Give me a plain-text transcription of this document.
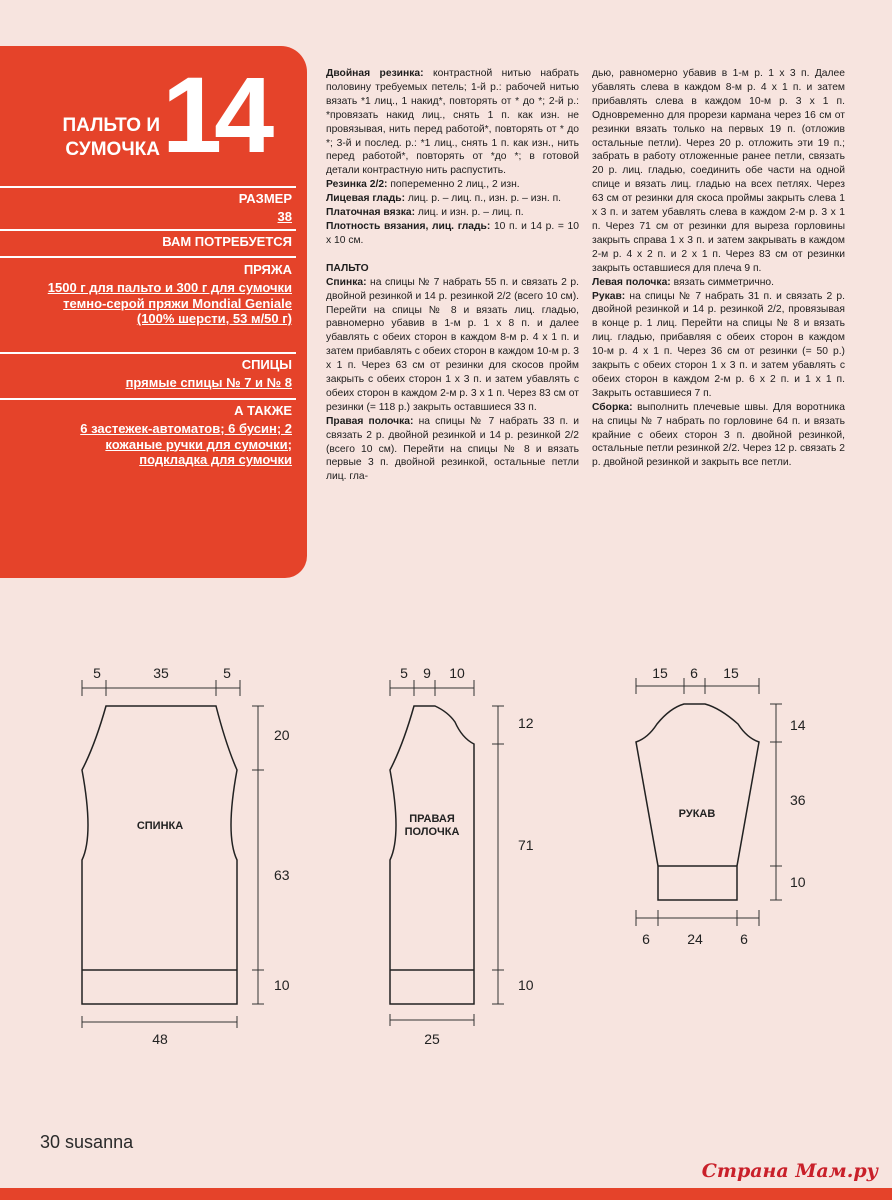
ПАЛЬТО И
СУМОЧКА 14
РАЗМЕР
38
ВАМ ПОТРЕБУЕТСЯ
ПРЯЖА
1500 г для пальто и 300 г для сумочки темно-серой пряжи Mondial Geniale (100% шерсти, 53 м/50 г)
СПИЦЫ
прямые спицы № 7 и № 8
А ТАКЖЕ
6 застежек-автоматов; 6 бусин; 2 кожаные ручки для сумочки; подкладка для сумочки

Двойная резинка: контрастной нитью набрать половину требуемых петель; 1-й р.: рабочей нитью вязать *1 лиц., 1 накид*, повторять от * до *; 2-й р.: *провязать накид лиц., снять 1 п. как изн. не провязывая, нить перед работой*, повторять от * до *; 3-й и послед. р.: *1 лиц., снять 1 п. как изн., нить перед работой*, повторять от *до *; в готовой детали контрастную нить распустить.

Резинка 2/2: попеременно 2 лиц., 2 изн.

Лицевая гладь: лиц. р. – лиц. п., изн. р. – изн. п.

Платочная вязка: лиц. и изн. р. – лиц. п.

Плотность вязания, лиц. гладь: 10 п. и 14 р. = 10 х 10 см.

ПАЛЬТО

Спинка: на спицы № 7 набрать 55 п. и связать 2 р. двойной резинкой и 14 р. резинкой 2/2 (всего 10 см). Перейти на спицы № 8 и вязать лиц. гладью, равномерно убавив в 1-м р. 1 х 8 п. и далее убавлять с обеих сторон в каждом 8-м р. 4 х 1 п. и затем прибавлять с обеих сторон в каждом 10-м р. 3 х 1 п. Через 63 см от резинки для скосов пройм закрыть с обеих сторон 1 х 3 п. и затем убавлять с обеих сторон в каждом 2-м р. 3 х 1 п. Через 83 см от резинки (= 118 р.) закрыть оставшиеся 33 п.

Правая полочка: на спицы № 7 набрать 33 п. и связать 2 р. двойной резинкой и 14 р. резинкой 2/2 (всего 10 см). Перейти на спицы № 8 и вязать первые 3 п. двойной резинкой, остальные петли лиц. гла-

дью, равномерно убавив в 1-м р. 1 х 3 п. Далее убавлять слева в каждом 8-м р. 4 х 1 п. и затем прибавлять слева в каждом 10-м р. 3 х 1 п. Одновременно для прорези кармана через 16 см от резинки вязать только на первых 19 п. (отложив остальные петли). Через 20 р. отложить эти 19 п.; забрать в работу отложенные ранее петли, связать 20 р. лиц. гладью, соединить обе части на одной спице и вязать лиц. гладью на всех петлях. Через 63 см от резинки для скоса проймы закрыть слева 1 х 3 п. и затем убавлять слева в каждом 2-м р. 3 х 1 п. Через 71 см от резинки для выреза горловины закрыть справа 1 х 3 п. и затем закрывать в каждом 2-м р. 4 х 2 п. и 2 х 1 п. Через 83 см от резинки закрыть оставшиеся для плеча 9 п.

Левая полочка: вязать симметрично.

Рукав: на спицы № 7 набрать 31 п. и связать 2 р. двойной резинкой и 14 р. резинкой 2/2, провязывая в конце р. 1 лиц. Перейти на спицы № 8 и вязать лиц. гладью, прибавляя с обеих сторон в каждом 10-м р. 4 х 1 п. Через 36 см от резинки (= 50 р.) закрыть с обеих сторон 1 х 3 п. и затем убавлять с обеих сторон в каждом 2-м р. 6 х 2 п. и 1 х 1 п. Закрыть оставшиеся 7 п.

Сборка: выполнить плечевые швы. Для воротника на спицы № 7 набрать по горловине 64 п. и вязать крайние с обеих сторон 3 п. двойной резинкой, остальные петли резинкой 2/2. Через 12 р. связать 2 р. двойной резинкой и закрыть все петли.

СПИНКА
5	35	5
20
63
10
48
ПРАВАЯ
ПОЛОЧКА
5 9 10
12
71
10
25
РУКАВ
15 6 15
14
36
10
6	24	6
30 susanna
Страна Мам.ру
